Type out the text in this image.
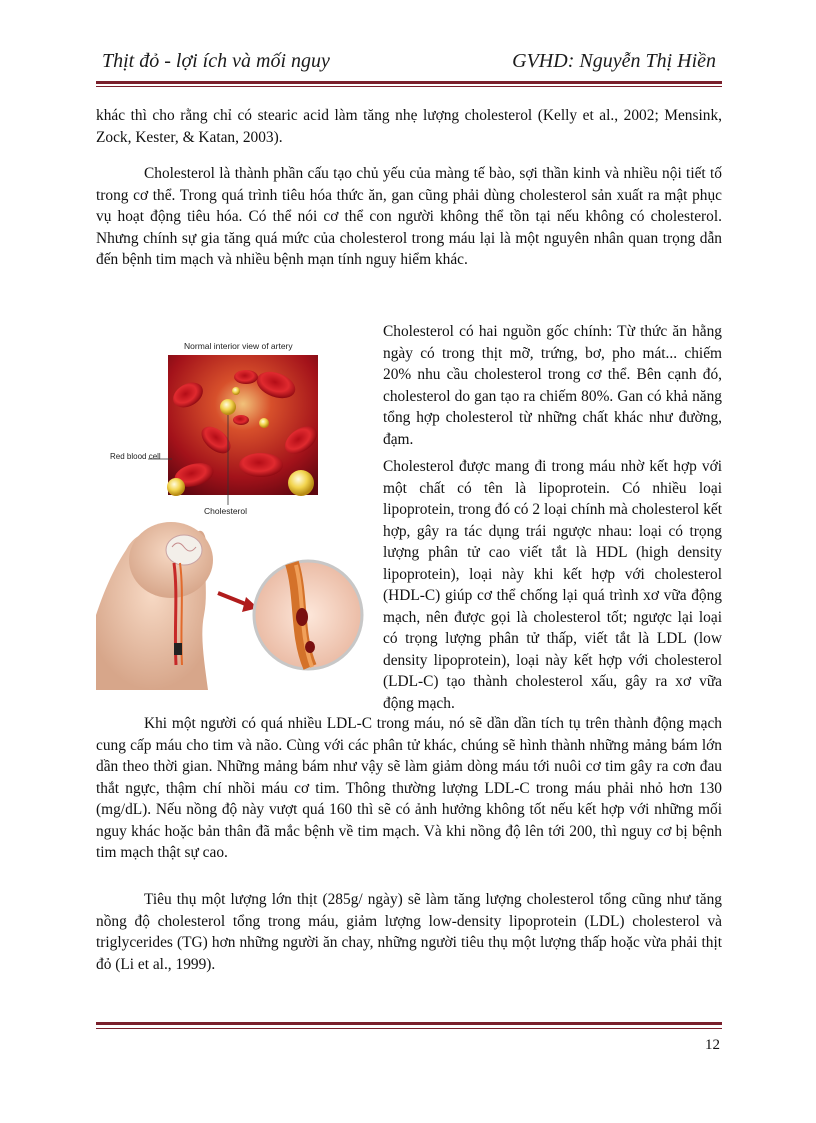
Thịt đỏ - lợi ích và mối nguy	GVHD: Nguyễn Thị Hiền

khác thì cho rằng chỉ có stearic acid làm tăng nhẹ lượng cholesterol (Kelly et al., 2002; Mensink, Zock, Kester, & Katan, 2003).

Cholesterol là thành phần cấu tạo chủ yếu của màng tế bào, sợi thần kinh và nhiều nội tiết tố trong cơ thể. Trong quá trình tiêu hóa thức ăn, gan cũng phải dùng cholesterol sản xuất ra mật phục vụ hoạt động tiêu hóa. Có thể nói cơ thể con người không thể tồn tại nếu không có cholesterol. Nhưng chính sự gia tăng quá mức của cholesterol trong máu lại là một nguyên nhân quan trọng dẫn đến bệnh tim mạch và nhiều bệnh mạn tính nguy hiểm khác.

Normal interior view of artery
Red blood cell
Cholesterol

Cholesterol có hai nguồn gốc chính: Từ thức ăn hằng ngày có trong thịt mỡ, trứng, bơ, pho mát... chiếm 20% nhu cầu cholesterol trong cơ thể. Bên cạnh đó, cholesterol do gan tạo ra chiếm 80%. Gan có khả năng tổng hợp cholesterol từ những chất khác như đường, đạm.

Cholesterol được mang đi trong máu nhờ kết hợp với một chất có tên là lipoprotein. Có nhiều loại lipoprotein, trong đó có 2 loại chính mà cholesterol kết hợp, gây ra tác dụng trái ngược nhau: loại có trọng lượng phân tử cao viết tắt là HDL (high density lipoprotein), loại này khi kết hợp với cholesterol (HDL-C) giúp cơ thể chống lại quá trình xơ vữa động mạch, nên được gọi là cholesterol tốt; ngược lại loại có trọng lượng phân tử thấp, viết tắt là LDL (low density lipoprotein), loại này kết hợp với cholesterol (LDL-C) tạo thành cholesterol xấu, gây ra xơ vữa động mạch.

Khi một người có quá nhiều LDL-C trong máu, nó sẽ dần dần tích tụ trên thành động mạch cung cấp máu cho tim và não. Cùng với các phân tử khác, chúng sẽ hình thành những mảng bám lớn dần theo thời gian. Những mảng bám như vậy sẽ làm giảm dòng máu tới nuôi cơ tim gây ra cơn đau thắt ngực, thậm chí nhồi máu cơ tim. Thông thường lượng LDL-C trong máu phải nhỏ hơn 130 (mg/dL). Nếu nồng độ này vượt quá 160 thì sẽ có ảnh hưởng không tốt nếu kết hợp với những mối nguy khác hoặc bản thân đã mắc bệnh về tim mạch. Và khi nồng độ lên tới 200, thì nguy cơ bị bệnh tim mạch thật sự cao.

Tiêu thụ một lượng lớn thịt (285g/ ngày) sẽ làm tăng lượng cholesterol tổng cũng như tăng nồng độ cholesterol tổng trong máu, giảm lượng low-density lipoprotein (LDL) cholesterol và triglycerides (TG) hơn những người ăn chay, những người tiêu thụ một lượng thấp hoặc vừa phải thịt đỏ (Li et al., 1999).

12
